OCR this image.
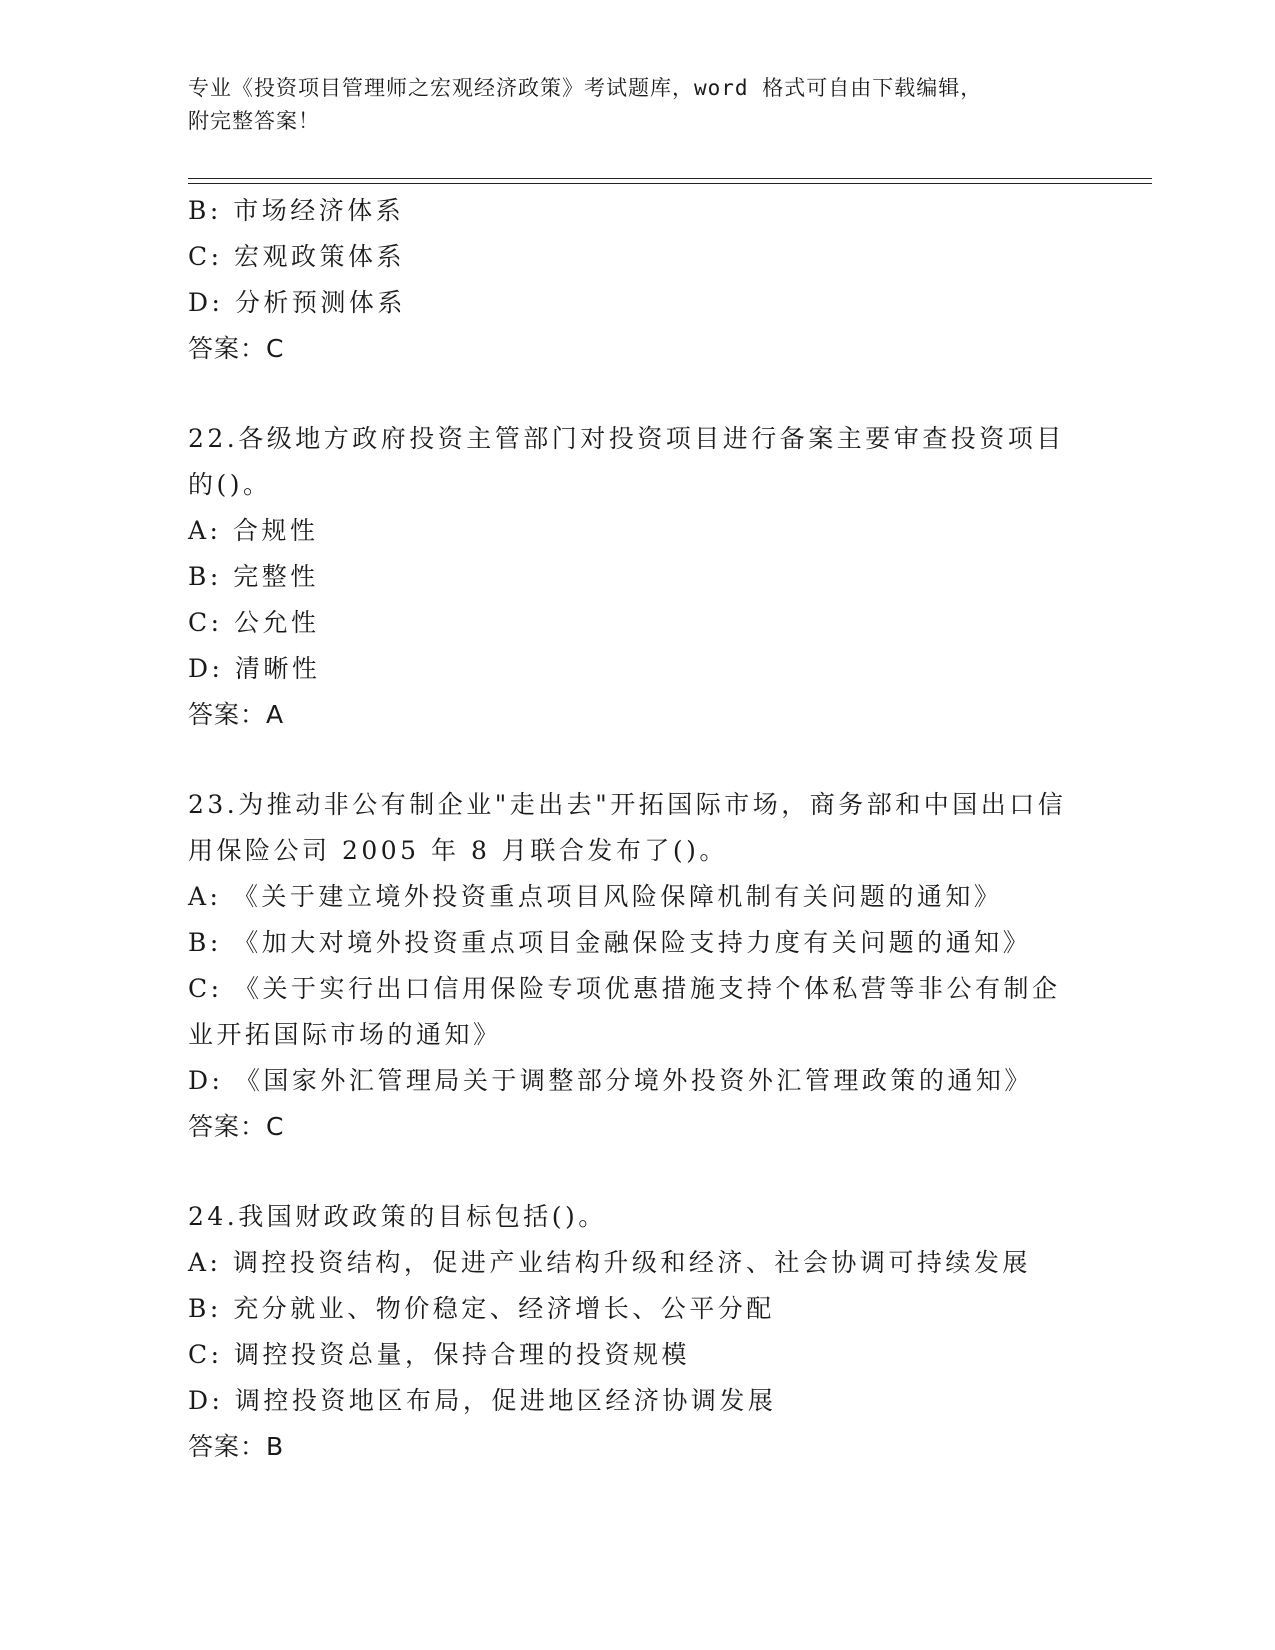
专业《投资项目管理师之宏观经济政策》考试题库，word 格式可自由下载编辑，
附完整答案！
B: 市场经济体系
C: 宏观政策体系
D: 分析预测体系
答案：C
22.各级地方政府投资主管部门对投资项目进行备案主要审查投资项目
的()。
A: 合规性
B: 完整性
C: 公允性
D: 清晰性
答案：A
23.为推动非公有制企业"走出去"开拓国际市场，商务部和中国出口信
用保险公司 2005 年 8 月联合发布了()。
A: 《关于建立境外投资重点项目风险保障机制有关问题的通知》
B: 《加大对境外投资重点项目金融保险支持力度有关问题的通知》
C: 《关于实行出口信用保险专项优惠措施支持个体私营等非公有制企
业开拓国际市场的通知》
D: 《国家外汇管理局关于调整部分境外投资外汇管理政策的通知》
答案：C
24.我国财政政策的目标包括()。
A: 调控投资结构，促进产业结构升级和经济、社会协调可持续发展
B: 充分就业、物价稳定、经济增长、公平分配
C: 调控投资总量，保持合理的投资规模
D: 调控投资地区布局，促进地区经济协调发展
答案：B
